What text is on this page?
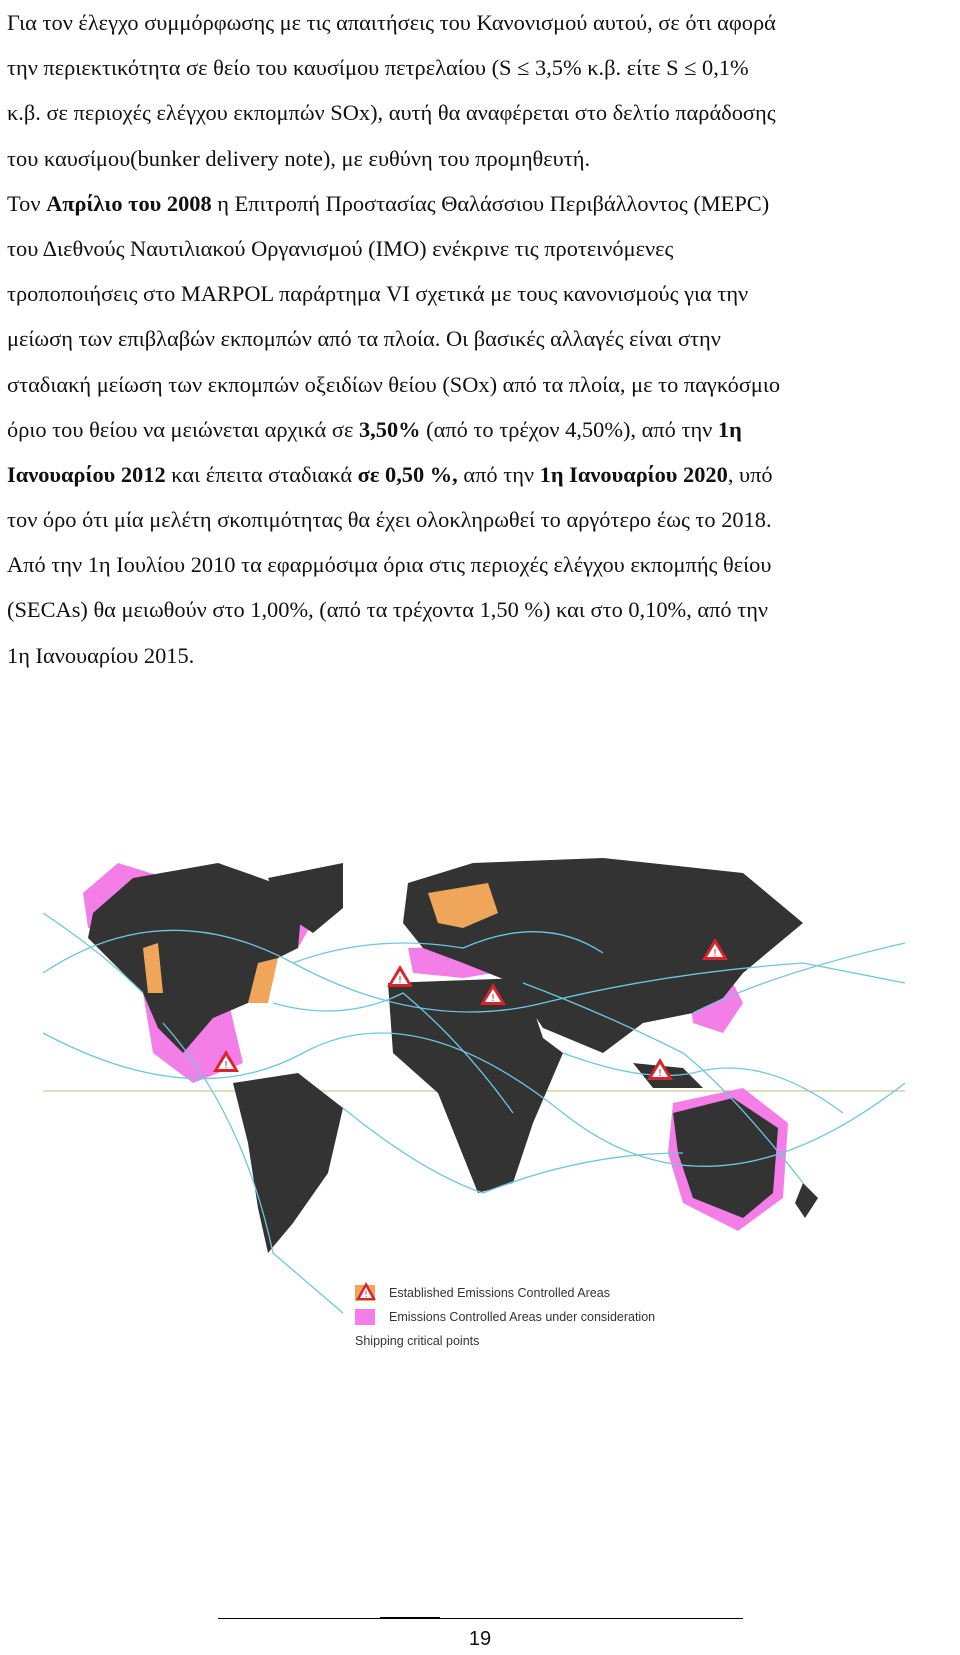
Για τον έλεγχο συμμόρφωσης με τις απαιτήσεις του Κανονισμού αυτού, σε ότι αφορά
την περιεκτικότητα σε θείο του καυσίμου πετρελαίου (S ≤ 3,5% κ.β. είτε S ≤ 0,1%
κ.β. σε περιοχές ελέγχου εκπομπών SOx), αυτή θα αναφέρεται στο δελτίο παράδοσης
του καυσίμου(bunker delivery note), με ευθύνη του προμηθευτή.
Τον Απρίλιο του 2008 η Επιτροπή Προστασίας Θαλάσσιου Περιβάλλοντος (MEPC)
του Διεθνούς Ναυτιλιακού Οργανισμού (IMO) ενέκρινε τις προτεινόμενες
τροποποιήσεις στο MARPOL παράρτημα VI σχετικά με τους κανονισμούς για την
μείωση των επιβλαβών εκπομπών από τα πλοία. Οι βασικές αλλαγές είναι στην
σταδιακή μείωση των εκπομπών οξειδίων θείου (SOx) από τα πλοία, με το παγκόσμιο
όριο του θείου να μειώνεται αρχικά σε 3,50% (από το τρέχον 4,50%), από την 1η
Ιανουαρίου 2012 και έπειτα σταδιακά σε 0,50 %, από την 1η Ιανουαρίου 2020, υπό
τον όρο ότι μία μελέτη σκοπιμότητας θα έχει ολοκληρωθεί το αργότερο έως το 2018.
Από την 1η Ιουλίου 2010 τα εφαρμόσιμα όρια στις περιοχές ελέγχου εκπομπής θείου
(SECAs) θα μειωθούν στο 1,00%, (από τα τρέχοντα 1,50 %) και στο 0,10%, από την
1η Ιανουαρίου 2015.
!
!
!
!
!
Established Emissions Controlled Areas
Emissions Controlled Areas under consideration
!
Shipping critical points
19
